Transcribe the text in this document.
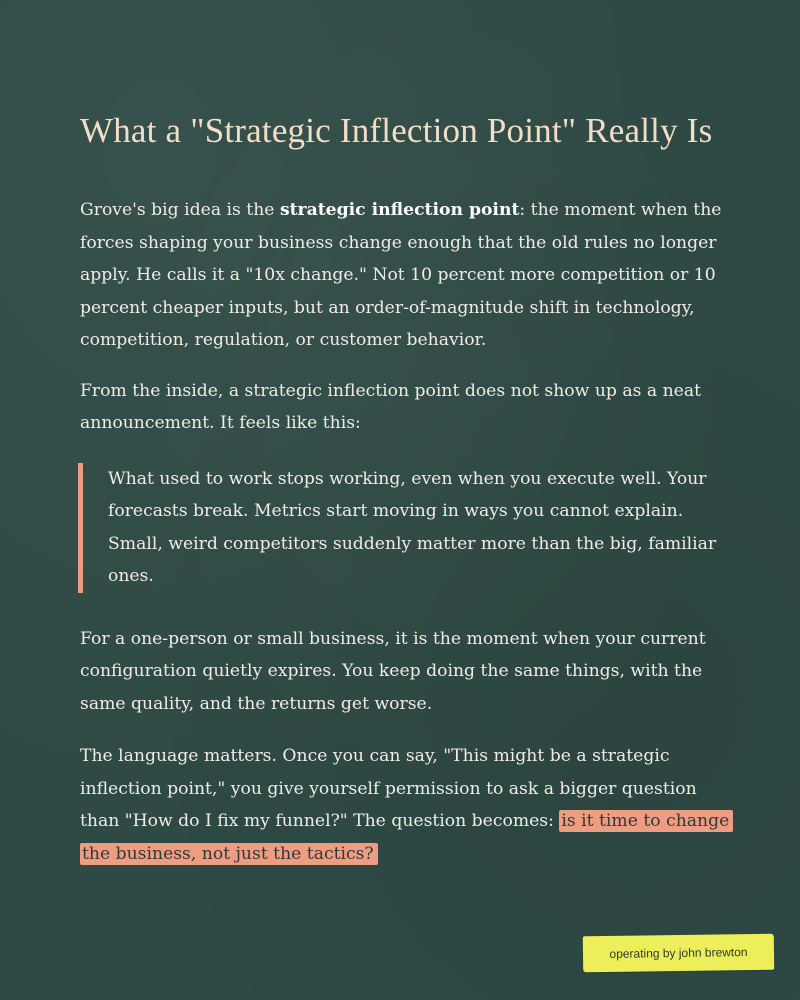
What a "Strategic Inflection Point" Really Is

Grove's big idea is the strategic inflection point: the moment when the forces shaping your business change enough that the old rules no longer apply. He calls it a "10x change." Not 10 percent more competition or 10 percent cheaper inputs, but an order-of-magnitude shift in technology, competition, regulation, or customer behavior.

From the inside, a strategic inflection point does not show up as a neat announcement. It feels like this:

What used to work stops working, even when you execute well. Your forecasts break. Metrics start moving in ways you cannot explain. Small, weird competitors suddenly matter more than the big, familiar ones.

For a one-person or small business, it is the moment when your current configuration quietly expires. You keep doing the same things, with the same quality, and the returns get worse.

The language matters. Once you can say, "This might be a strategic inflection point," you give yourself permission to ask a bigger question than "How do I fix my funnel?" The question becomes: is it time to change the business, not just the tactics?

operating by john brewton
